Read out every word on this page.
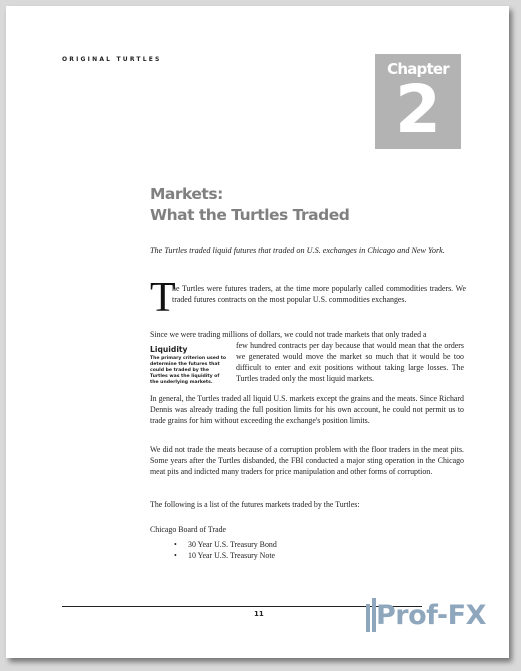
ORIGINAL TURTLES
Chapter
2
Markets:
What the Turtles Traded
The Turtles traded liquid futures that traded on U.S. exchanges in Chicago and New York.
T
he Turtles were futures traders, at the time more popularly called commodities traders. We traded futures contracts on the most popular U.S. commodities exchanges.
Since we were trading millions of dollars, we could not trade markets that only traded a
Liquidity
The primary criterion used to determine the futures that could be traded by the Turtles was the liquidity of the underlying markets.
few hundred contracts per day because that would mean that the orders we generated would move the market so much that it would be too difficult to enter and exit positions without taking large losses. The Turtles traded only the most liquid markets.
In general, the Turtles traded all liquid U.S. markets except the grains and the meats. Since Richard Dennis was already trading the full position limits for his own account, he could not permit us to trade grains for him without exceeding the exchange's position limits.
We did not trade the meats because of a corruption problem with the floor traders in the meat pits. Some years after the Turtles disbanded, the FBI conducted a major sting operation in the Chicago meat pits and indicted many traders for price manipulation and other forms of corruption.
The following is a list of the futures markets traded by the Turtles:
Chicago Board of Trade
• 30 Year U.S. Treasury Bond
• 10 Year U.S. Treasury Note
11	Prof-FX
